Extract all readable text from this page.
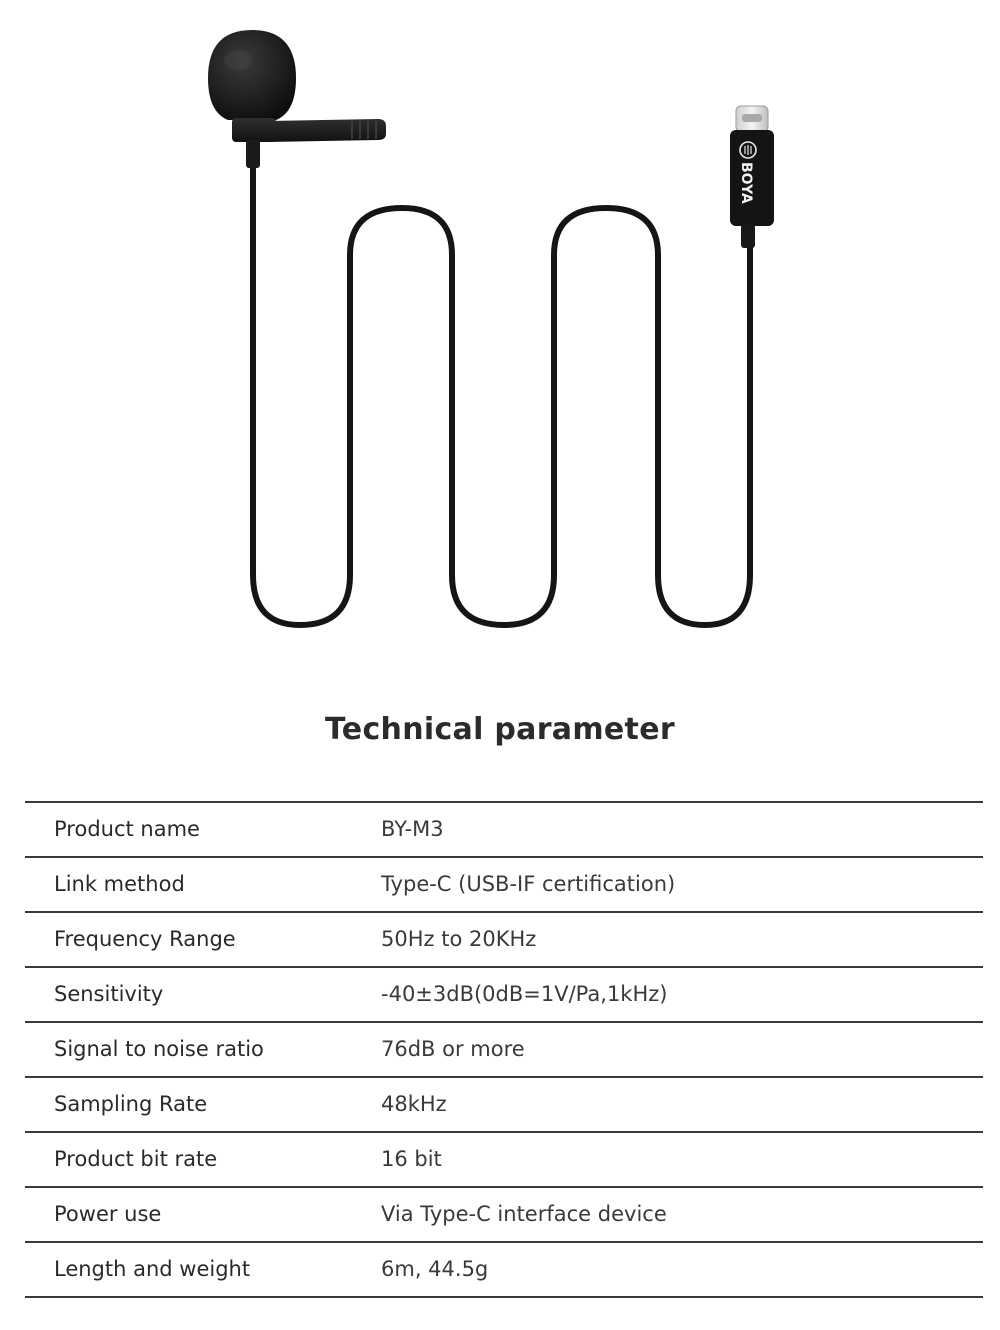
BOYA
Technical parameter
Product name	BY-M3
Link method	Type-C (USB-IF certification)
Frequency Range	50Hz to 20KHz
Sensitivity	-40±3dB(0dB=1V/Pa,1kHz)
Signal to noise ratio	76dB or more
Sampling Rate	48kHz
Product bit rate	16 bit
Power use	Via Type-C interface device
Length and weight	6m, 44.5g
